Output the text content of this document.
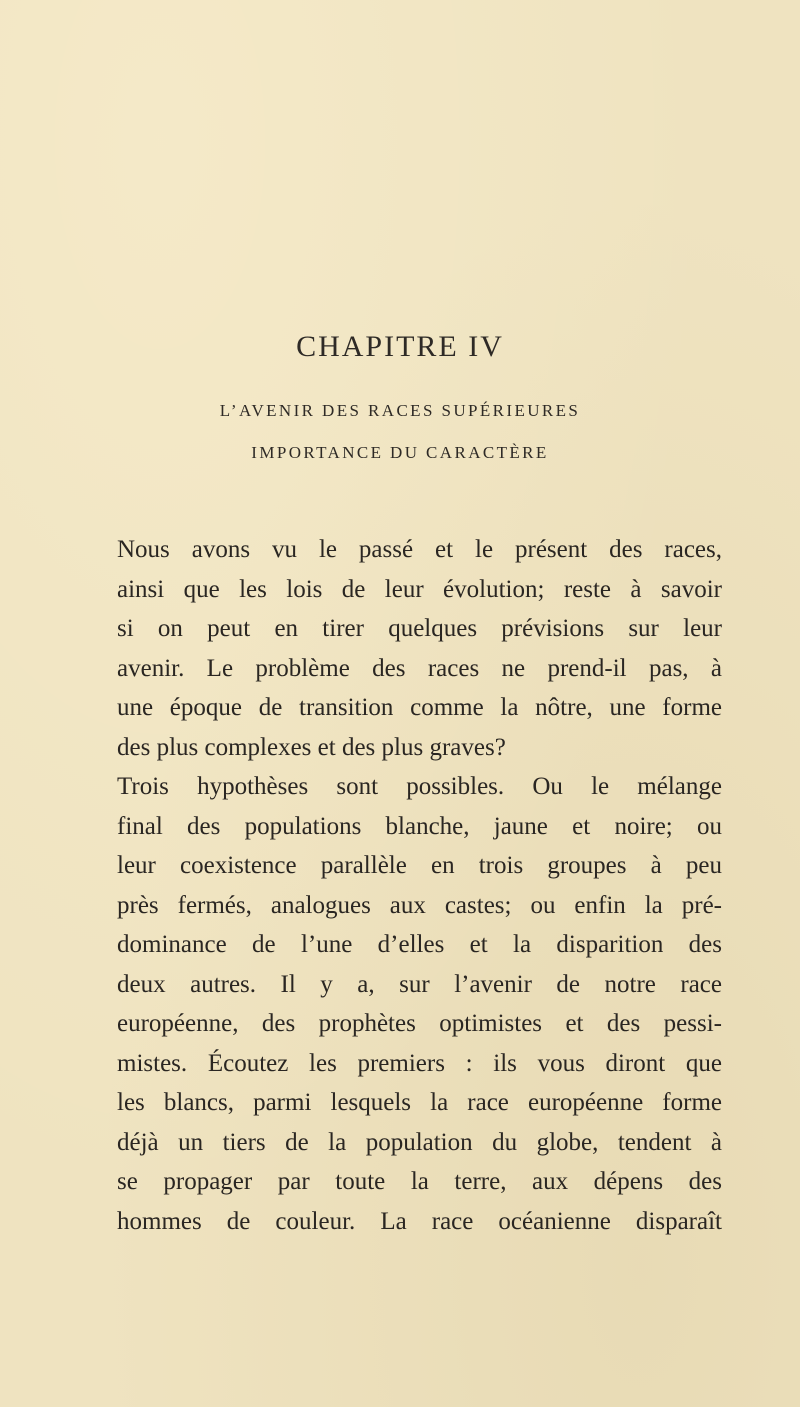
CHAPITRE IV
L’AVENIR DES RACES SUPÉRIEURES
IMPORTANCE DU CARACTÈRE
Nous avons vu le passé et le présent des races,
ainsi que les lois de leur évolution; reste à savoir
si on peut en tirer quelques prévisions sur leur
avenir. Le problème des races ne prend-il pas, à
une époque de transition comme la nôtre, une forme
des plus complexes et des plus graves?
Trois hypothèses sont possibles. Ou le mélange
final des populations blanche, jaune et noire; ou
leur coexistence parallèle en trois groupes à peu
près fermés, analogues aux castes; ou enfin la pré-
dominance de l’une d’elles et la disparition des
deux autres. Il y a, sur l’avenir de notre race
européenne, des prophètes optimistes et des pessi-
mistes. Écoutez les premiers : ils vous diront que
les blancs, parmi lesquels la race européenne forme
déjà un tiers de la population du globe, tendent à
se propager par toute la terre, aux dépens des
hommes de couleur. La race océanienne disparaît
